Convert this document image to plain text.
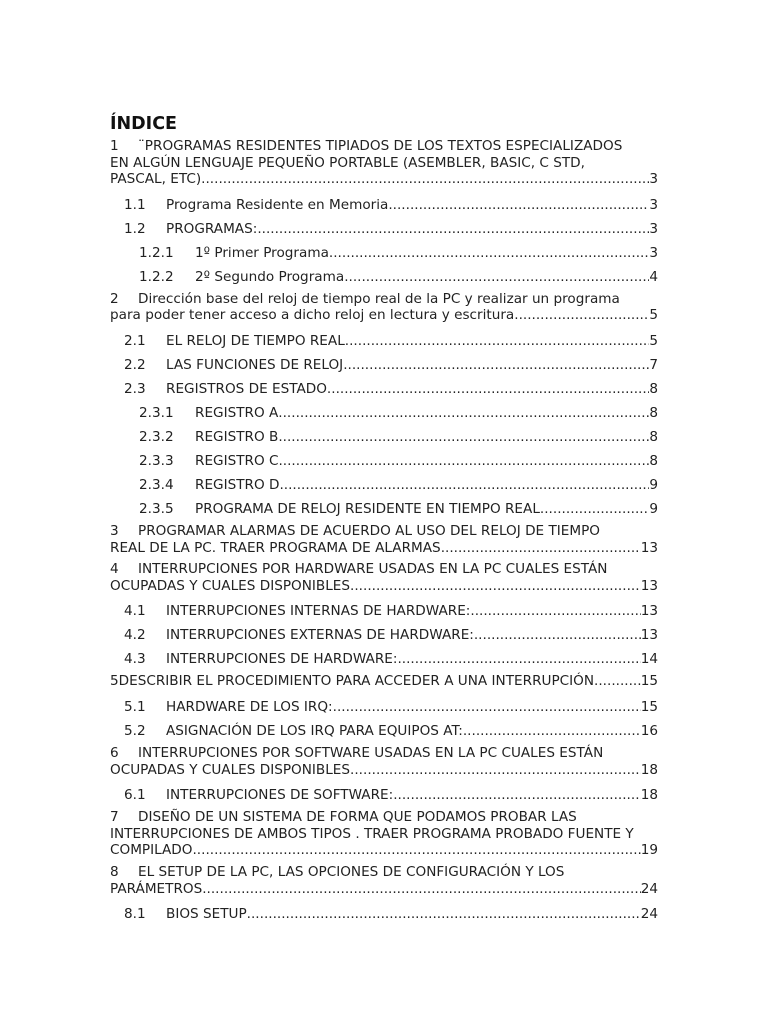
ÍNDICE
1 ¨PROGRAMAS RESIDENTES TIPIADOS DE LOS TEXTOS ESPECIALIZADOS
EN ALGÚN LENGUAJE PEQUEÑO PORTABLE (ASEMBLER, BASIC, C STD,
PASCAL, ETC) .....	3
1.1	Programa Residente en Memoria .....	3
1.2	PROGRAMAS: .....	3
1.2.1	1º Primer Programa .....	3
1.2.2	2º Segundo Programa .....	4
2 Dirección base del reloj de tiempo real de la PC y realizar un programa
para poder tener acceso a dicho reloj en lectura y escritura. .....	5
2.1	EL RELOJ DE TIEMPO REAL .....	5
2.2	LAS FUNCIONES DE RELOJ .....	7
2.3	REGISTROS DE ESTADO .....	8
2.3.1	REGISTRO A .....	8
2.3.2	REGISTRO B .....	8
2.3.3	REGISTRO C .....	8
2.3.4	REGISTRO D .....	9
2.3.5	PROGRAMA DE RELOJ RESIDENTE EN TIEMPO REAL .....	9
3 PROGRAMAR ALARMAS DE ACUERDO AL USO DEL RELOJ DE TIEMPO
REAL DE LA PC. TRAER PROGRAMA DE ALARMAS .....	13
4 INTERRUPCIONES POR HARDWARE USADAS EN LA PC CUALES ESTÁN
OCUPADAS Y CUALES DISPONIBLES .....	13
4.1	INTERRUPCIONES INTERNAS DE HARDWARE: .....	13
4.2	INTERRUPCIONES EXTERNAS DE HARDWARE: .....	13
4.3	INTERRUPCIONES DE HARDWARE: .....	14
5 DESCRIBIR EL PROCEDIMIENTO PARA ACCEDER A UNA INTERRUPCIÓN. .....	15
5.1	HARDWARE DE LOS IRQ: .....	15
5.2	ASIGNACIÓN DE LOS IRQ PARA EQUIPOS AT: .....	16
6 INTERRUPCIONES POR SOFTWARE USADAS EN LA PC CUALES ESTÁN
OCUPADAS Y CUALES DISPONIBLES .....	18
6.1	INTERRUPCIONES DE SOFTWARE: .....	18
7 DISEÑO DE UN SISTEMA DE FORMA QUE PODAMOS PROBAR LAS
INTERRUPCIONES DE AMBOS TIPOS . TRAER PROGRAMA PROBADO FUENTE Y
COMPILADO .....	19
8 EL SETUP DE LA PC, LAS OPCIONES DE CONFIGURACIÓN Y LOS
PARÁMETROS .....	24
8.1	BIOS SETUP .....	24
